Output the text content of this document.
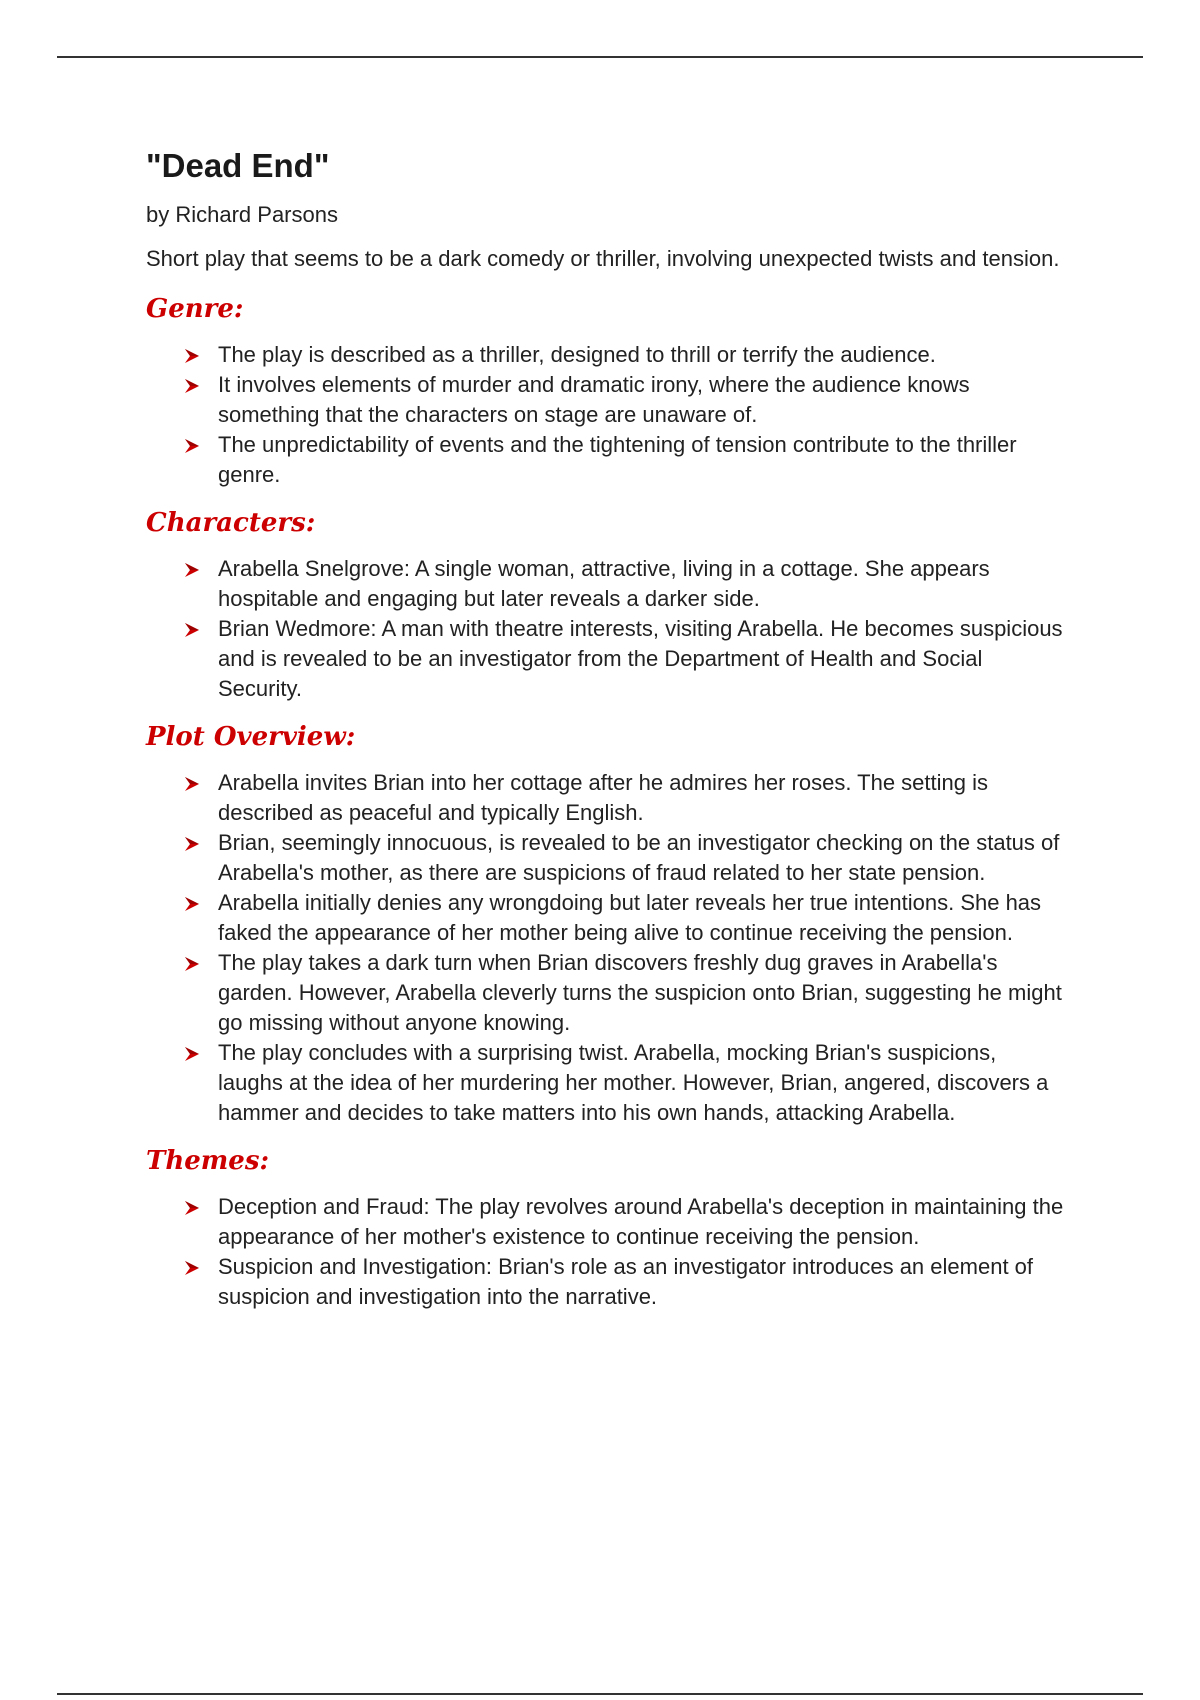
"Dead End"

by Richard Parsons

Short play that seems to be a dark comedy or thriller, involving unexpected twists and tension.

Genre:
The play is described as a thriller, designed to thrill or terrify the audience.
It involves elements of murder and dramatic irony, where the audience knows something that the characters on stage are unaware of.
The unpredictability of events and the tightening of tension contribute to the thriller genre.
Characters:
Arabella Snelgrove: A single woman, attractive, living in a cottage. She appears hospitable and engaging but later reveals a darker side.
Brian Wedmore: A man with theatre interests, visiting Arabella. He becomes suspicious and is revealed to be an investigator from the Department of Health and Social Security.
Plot Overview:
Arabella invites Brian into her cottage after he admires her roses. The setting is described as peaceful and typically English.
Brian, seemingly innocuous, is revealed to be an investigator checking on the status of Arabella's mother, as there are suspicions of fraud related to her state pension.
Arabella initially denies any wrongdoing but later reveals her true intentions. She has faked the appearance of her mother being alive to continue receiving the pension.
The play takes a dark turn when Brian discovers freshly dug graves in Arabella's garden. However, Arabella cleverly turns the suspicion onto Brian, suggesting he might go missing without anyone knowing.
The play concludes with a surprising twist. Arabella, mocking Brian's suspicions, laughs at the idea of her murdering her mother. However, Brian, angered, discovers a hammer and decides to take matters into his own hands, attacking Arabella.
Themes:
Deception and Fraud: The play revolves around Arabella's deception in maintaining the appearance of her mother's existence to continue receiving the pension.
Suspicion and Investigation: Brian's role as an investigator introduces an element of suspicion and investigation into the narrative.
